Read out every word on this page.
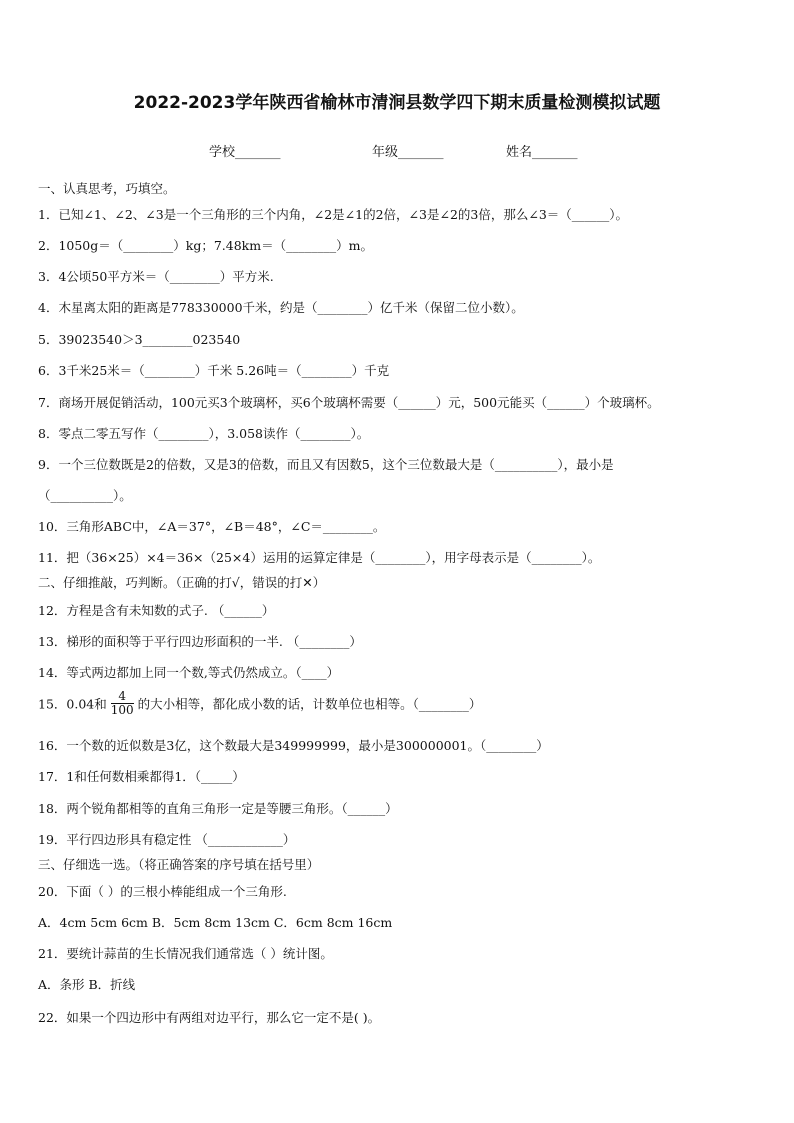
2022-2023学年陕西省榆林市清涧县数学四下期末质量检测模拟试题
学校_______	年级_______	姓名_______
一、认真思考，巧填空。
1．已知∠1、∠2、∠3是一个三角形的三个内角，∠2是∠1的2倍，∠3是∠2的3倍，那么∠3＝（______）。
2．1050g＝（________）kg；7.48km＝（________）m。
3．4公顷50平方米＝（________）平方米.
4．木星离太阳的距离是778330000千米，约是（________）亿千米（保留二位小数）。
5．39023540＞3________023540
6．3千米25米＝（________）千米 5.26吨＝（________）千克
7．商场开展促销活动，100元买3个玻璃杯，买6个玻璃杯需要（______）元，500元能买（______）个玻璃杯。
8．零点二零五写作（________），3.058读作（________）。
9．一个三位数既是2的倍数，又是3的倍数，而且又有因数5，这个三位数最大是（__________），最小是
（__________）。
10．三角形ABC中，∠A＝37°，∠B＝48°，∠C＝________。
11．把（36×25）×4＝36×（25×4）运用的运算定律是（________），用字母表示是（________）。
二、仔细推敲，巧判断。（正确的打√，错误的打✕）
12．方程是含有未知数的式子. （______）
13．梯形的面积等于平行四边形面积的一半. （________）
14．等式两边都加上同一个数,等式仍然成立。（____）
15．0.04和 $\frac{4}{100}$ 的大小相等，都化成小数的话，计数单位也相等。（________）
16．一个数的近似数是3亿，这个数最大是349999999，最小是300000001。（________）
17．1和任何数相乘都得1．（_____）
18．两个锐角都相等的直角三角形一定是等腰三角形。（______）
19．平行四边形具有稳定性 （____________）
三、仔细选一选。（将正确答案的序号填在括号里）
20．下面（ ）的三根小棒能组成一个三角形.
A．4cm 5cm 6cm B．5cm 8cm 13cm C．6cm 8cm 16cm
21．要统计蒜苗的生长情况我们通常选（ ）统计图。
A．条形 B．折线
22．如果一个四边形中有两组对边平行，那么它一定不是( )。
